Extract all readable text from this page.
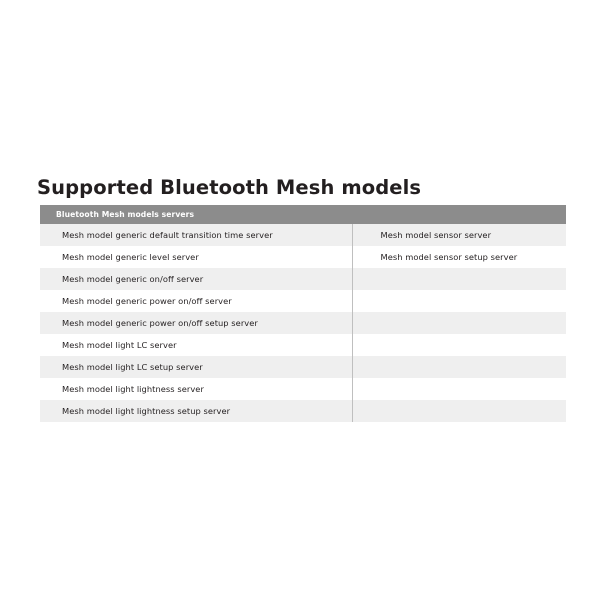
Supported Bluetooth Mesh models
Bluetooth Mesh models servers	
Mesh model generic default transition time server	Mesh model sensor server
Mesh model generic level server	Mesh model sensor setup server
Mesh model generic on/off server	
Mesh model generic power on/off server	
Mesh model generic power on/off setup server	
Mesh model light LC server	
Mesh model light LC setup server	
Mesh model light lightness server	
Mesh model light lightness setup server	
